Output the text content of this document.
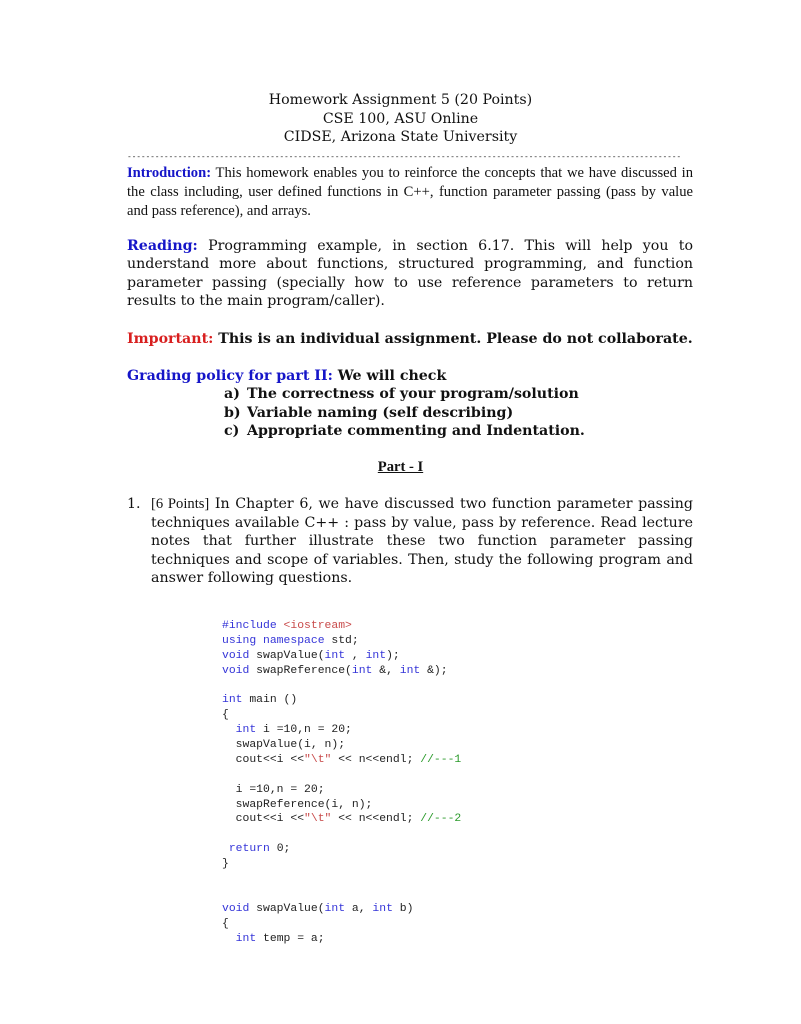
Homework Assignment 5 (20 Points)
CSE 100, ASU Online
CIDSE, Arizona State University
------------------------------------------------------------------------------------------------------------------------
Introduction: This homework enables you to reinforce the concepts that we have discussed in the class including, user defined functions in C++, function parameter passing (pass by value and pass reference), and arrays.
Reading: Programming example, in section 6.17. This will help you to understand more about functions, structured programming, and function parameter passing (specially how to use reference parameters to return results to the main program/caller).
Important: This is an individual assignment. Please do not collaborate.
Grading policy for part II: We will check
a) The correctness of your program/solution
b) Variable naming (self describing)
c) Appropriate commenting and Indentation.
Part - I
1. [6 Points] In Chapter 6, we have discussed two function parameter passing techniques available C++ : pass by value, pass by reference. Read lecture notes that further illustrate these two function parameter passing techniques and scope of variables. Then, study the following program and answer following questions.

#include <iostream>
using namespace std;
void swapValue(int , int);
void swapReference(int &, int &);
int main ()
{
int i =10,n = 20;
swapValue(i, n);
cout<<i <<"\t" << n<<endl; //---1
i =10,n = 20;
swapReference(i, n);
cout<<i <<"\t" << n<<endl; //---2
return 0;
}
void swapValue(int a, int b)
{
int temp = a;
